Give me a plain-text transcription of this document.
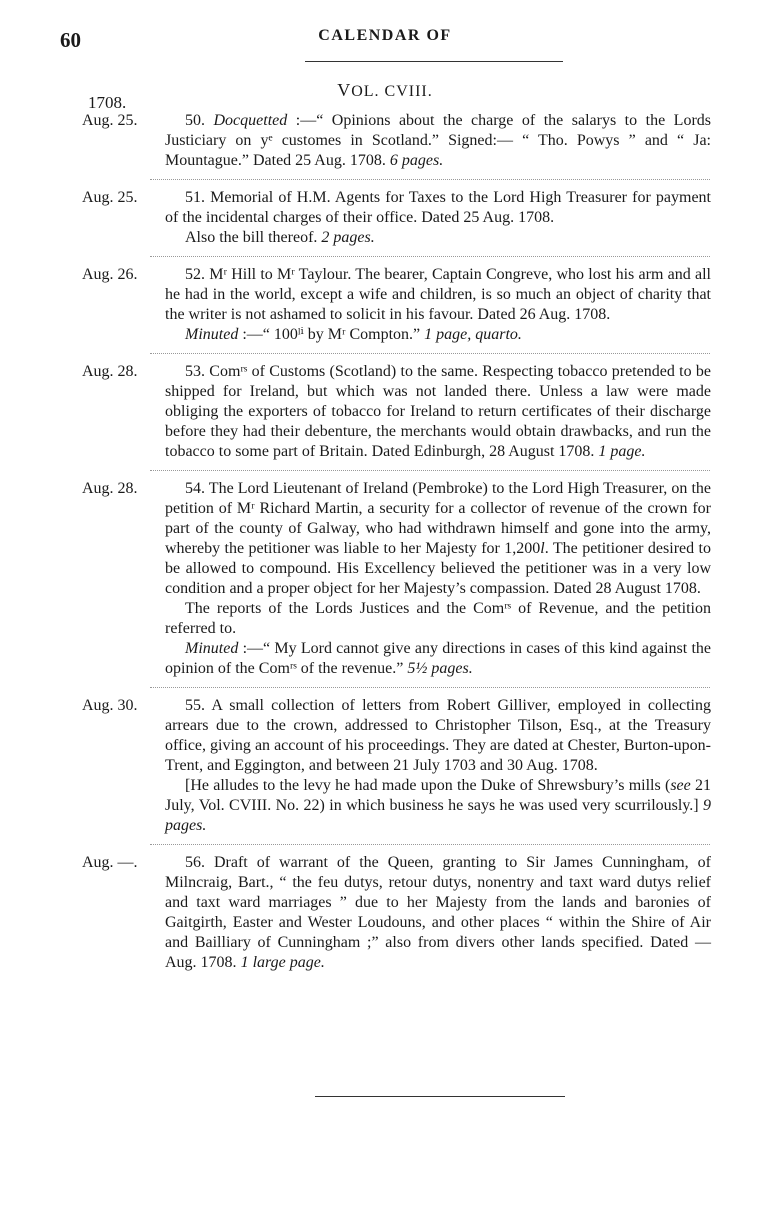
60	CALENDAR OF
VOL. CVIII.
1708.
Aug. 25.	50. Docquetted :—“ Opinions about the charge of the salarys to the Lords Justiciary on yᵉ customes in Scotland.” Signed:— “ Tho. Powys ” and “ Ja: Mountague.” Dated 25 Aug. 1708. 6 pages.

Aug. 25.	51. Memorial of H.M. Agents for Taxes to the Lord High Treasurer for payment of the incidental charges of their office. Dated 25 Aug. 1708.

Also the bill thereof. 2 pages.

Aug. 26.	52. Mʳ Hill to Mʳ Taylour. The bearer, Captain Congreve, who lost his arm and all he had in the world, except a wife and children, is so much an object of charity that the writer is not ashamed to solicit in his favour. Dated 26 Aug. 1708.

Minuted :—“ 100ˡⁱ by Mʳ Compton.” 1 page, quarto.

Aug. 28.	53. Comʳˢ of Customs (Scotland) to the same. Respecting tobacco pretended to be shipped for Ireland, but which was not landed there. Unless a law were made obliging the exporters of tobacco for Ireland to return certificates of their discharge before they had their debenture, the merchants would obtain drawbacks, and run the tobacco to some part of Britain. Dated Edinburgh, 28 August 1708. 1 page.

Aug. 28.	54. The Lord Lieutenant of Ireland (Pembroke) to the Lord High Treasurer, on the petition of Mʳ Richard Martin, a security for a collector of revenue of the crown for part of the county of Galway, who had withdrawn himself and gone into the army, whereby the petitioner was liable to her Majesty for 1,200l. The petitioner desired to be allowed to compound. His Excellency believed the petitioner was in a very low condition and a proper object for her Majesty’s compassion. Dated 28 August 1708.

The reports of the Lords Justices and the Comʳˢ of Revenue, and the petition referred to.

Minuted :—“ My Lord cannot give any directions in cases of this kind against the opinion of the Comʳˢ of the revenue.” 5½ pages.

Aug. 30.	55. A small collection of letters from Robert Gilliver, employed in collecting arrears due to the crown, addressed to Christopher Tilson, Esq., at the Treasury office, giving an account of his proceedings. They are dated at Chester, Burton-upon-Trent, and Eggington, and between 21 July 1703 and 30 Aug. 1708.

[He alludes to the levy he had made upon the Duke of Shrewsbury’s mills (see 21 July, Vol. CVIII. No. 22) in which business he says he was used very scurrilously.] 9 pages.

Aug. —.	56. Draft of warrant of the Queen, granting to Sir James Cunningham, of Milncraig, Bart., “ the feu dutys, retour dutys, nonentry and taxt ward dutys relief and taxt ward marriages ” due to her Majesty from the lands and baronies of Gaitgirth, Easter and Wester Loudouns, and other places “ within the Shire of Air and Bailliary of Cunningham ;” also from divers other lands specified. Dated — Aug. 1708. 1 large page.
